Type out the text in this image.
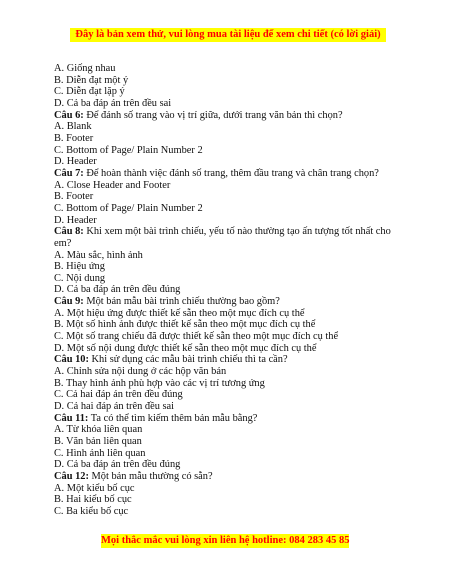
Đây là bản xem thử, vui lòng mua tài liệu để xem chi tiết (có lời giải)
A. Giống nhau
B. Diễn đạt một ý
C. Diễn đạt lặp ý
D. Cả ba đáp án trên đều sai
Câu 6: Để đánh số trang vào vị trí giữa, dưới trang văn bản thì chọn?
A. Blank
B. Footer
C. Bottom of Page/ Plain Number 2
D. Header
Câu 7: Để hoàn thành việc đánh số trang, thêm đầu trang và chân trang chọn?
A. Close Header and Footer
B. Footer
C. Bottom of Page/ Plain Number 2
D. Header
Câu 8: Khi xem một bài trình chiếu, yếu tố nào thường tạo ấn tượng tốt nhất cho em?
A. Màu sắc, hình ảnh
B. Hiệu ứng
C. Nội dung
D. Cả ba đáp án trên đều đúng
Câu 9: Một bản mẫu bài trình chiếu thường bao gồm?
A. Một hiệu ứng được thiết kế sẵn theo một mục đích cụ thể
B. Một số hình ảnh được thiết kế sẵn theo một mục đích cụ thể
C. Một số trang chiếu đã được thiết kế sẵn theo một mục đích cụ thể
D. Một số nội dung được thiết kế sẵn theo một mục đích cụ thể
Câu 10: Khi sử dụng các mẫu bài trình chiếu thì ta cần?
A. Chỉnh sửa nội dung ở các hộp văn bản
B. Thay hình ảnh phù hợp vào các vị trí tương ứng
C. Cả hai đáp án trên đều đúng
D. Cả hai đáp án trên đều sai
Câu 11: Ta có thể tìm kiếm thêm bản mẫu bằng?
A. Từ khóa liên quan
B. Văn bản liên quan
C. Hình ảnh liên quan
D. Cả ba đáp án trên đều đúng
Câu 12: Một bản mẫu thường có sẵn?
A. Một kiểu bố cục
B. Hai kiểu bố cục
C. Ba kiểu bố cục
Mọi thắc mắc vui lòng xin liên hệ hotline: 084 283 45 85
